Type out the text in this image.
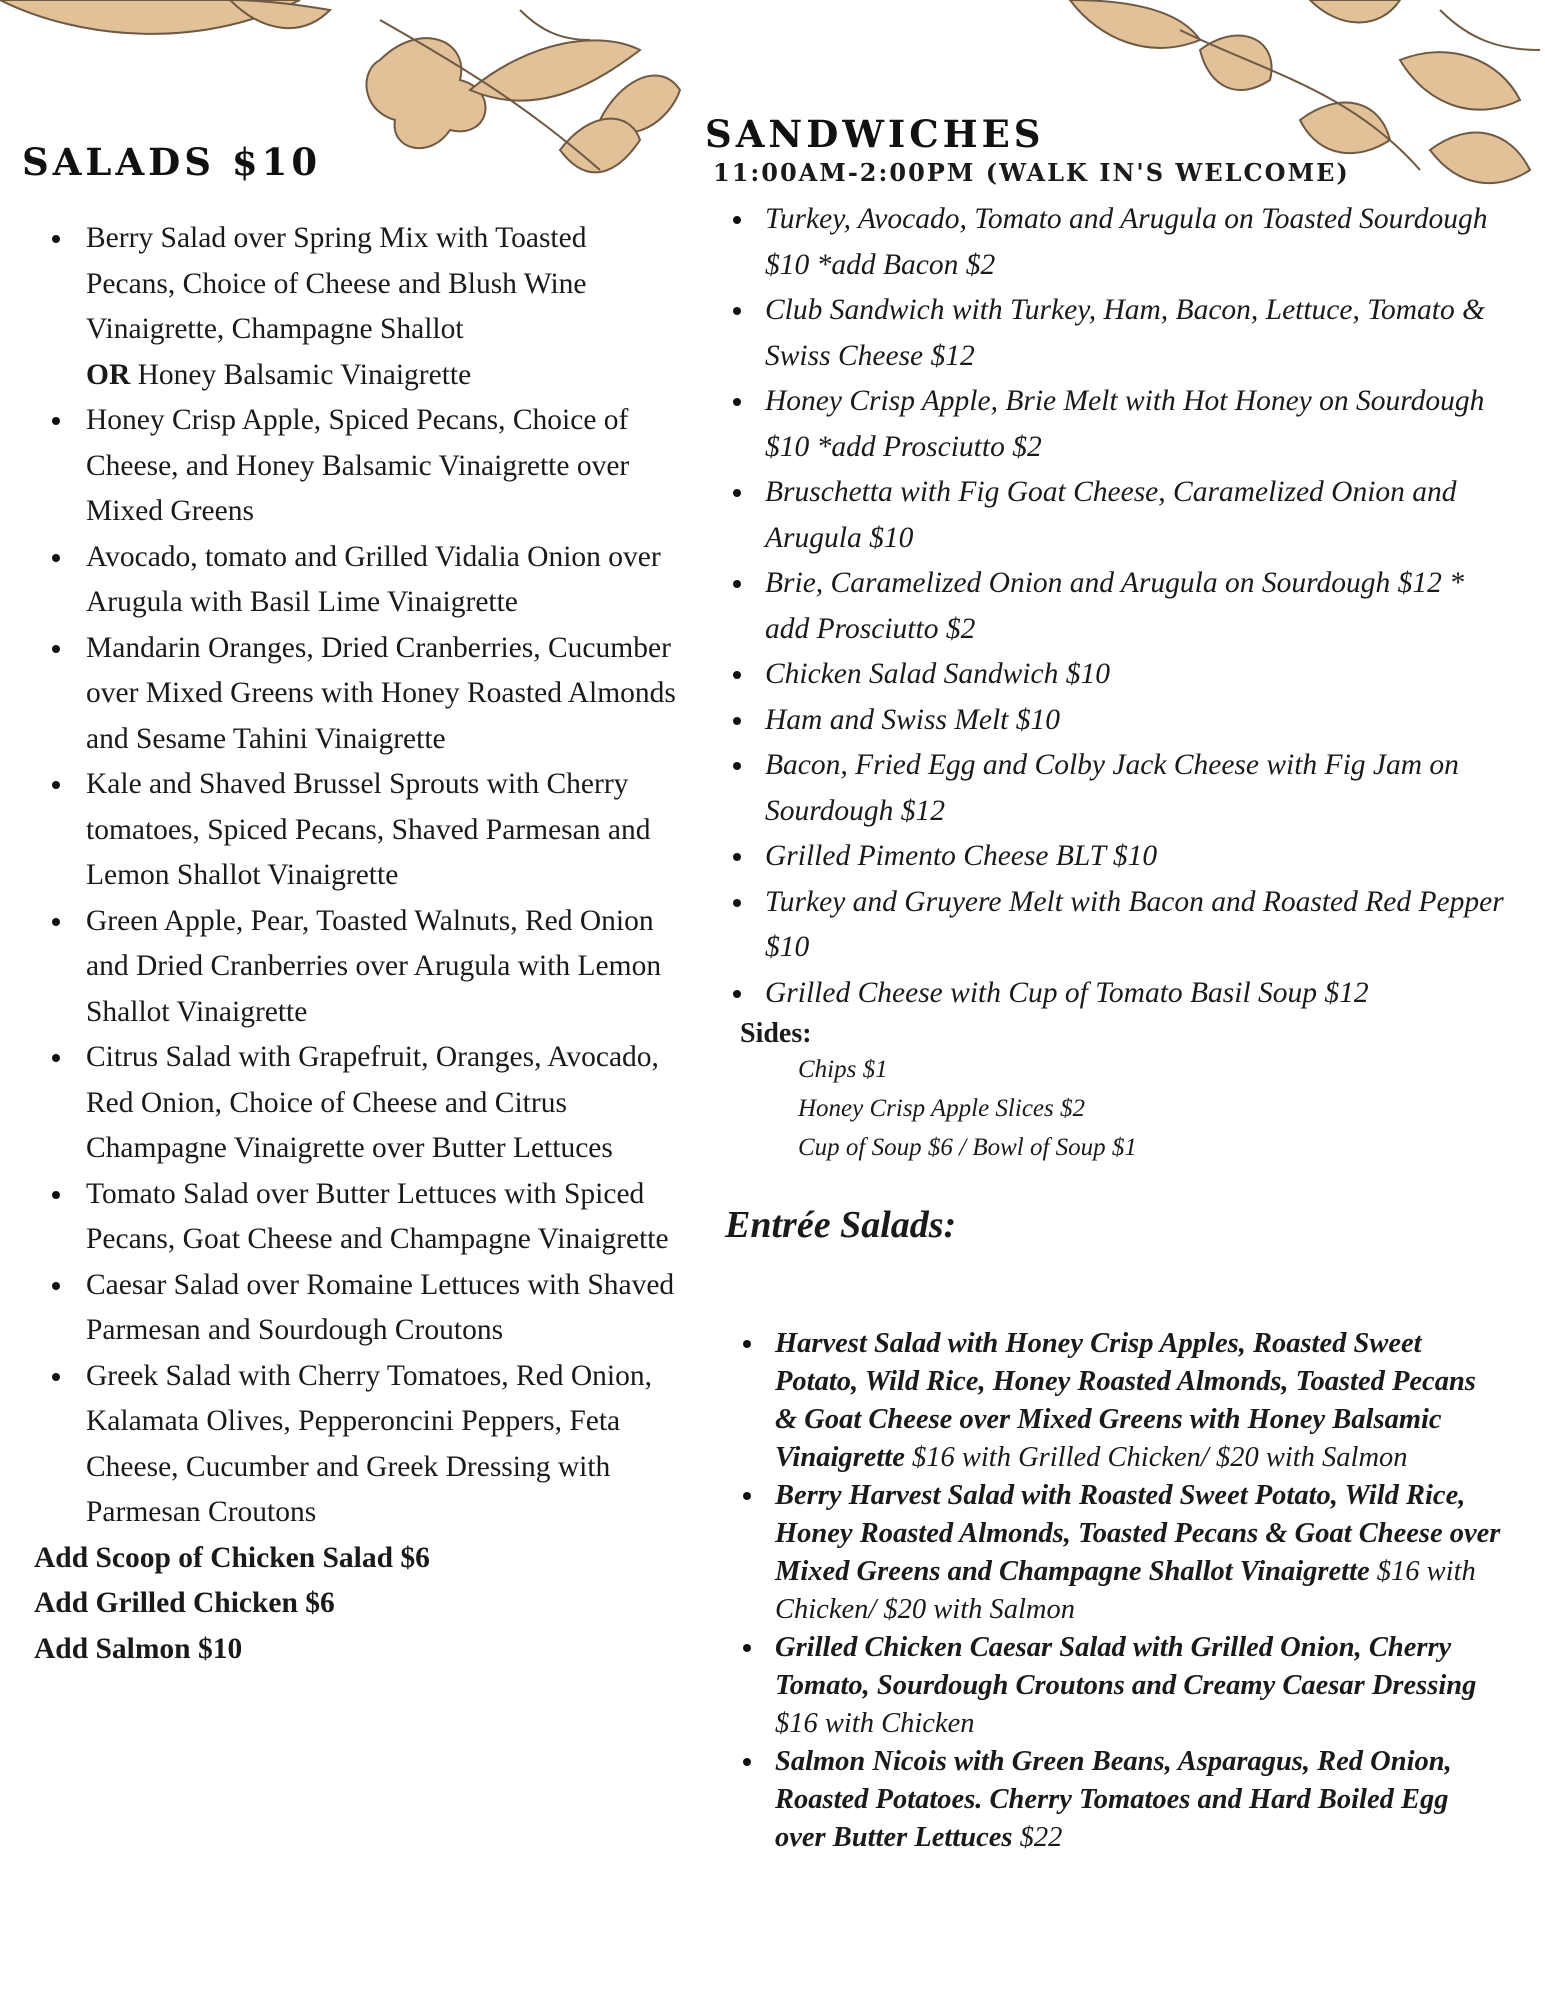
SALADS $10
Berry Salad over Spring Mix with Toasted Pecans, Choice of Cheese and Blush Wine Vinaigrette, Champagne Shallot
OR Honey Balsamic Vinaigrette
Honey Crisp Apple, Spiced Pecans, Choice of Cheese, and Honey Balsamic Vinaigrette over Mixed Greens
Avocado, tomato and Grilled Vidalia Onion over Arugula with Basil Lime Vinaigrette
Mandarin Oranges, Dried Cranberries, Cucumber over Mixed Greens with Honey Roasted Almonds and Sesame Tahini Vinaigrette
Kale and Shaved Brussel Sprouts with Cherry tomatoes, Spiced Pecans, Shaved Parmesan and Lemon Shallot Vinaigrette
Green Apple, Pear, Toasted Walnuts, Red Onion and Dried Cranberries over Arugula with Lemon Shallot Vinaigrette
Citrus Salad with Grapefruit, Oranges, Avocado, Red Onion, Choice of Cheese and Citrus Champagne Vinaigrette over Butter Lettuces
Tomato Salad over Butter Lettuces with Spiced Pecans, Goat Cheese and Champagne Vinaigrette
Caesar Salad over Romaine Lettuces with Shaved Parmesan and Sourdough Croutons
Greek Salad with Cherry Tomatoes, Red Onion, Kalamata Olives, Pepperoncini Peppers, Feta Cheese, Cucumber and Greek Dressing with Parmesan Croutons
Add Scoop of Chicken Salad $6
Add Grilled Chicken $6
Add Salmon $10
SANDWICHES
11:00AM-2:00PM (WALK IN'S WELCOME)
Turkey, Avocado, Tomato and Arugula on Toasted Sourdough $10 *add Bacon $2
Club Sandwich with Turkey, Ham, Bacon, Lettuce, Tomato & Swiss Cheese $12
Honey Crisp Apple, Brie Melt with Hot Honey on Sourdough $10 *add Prosciutto $2
Bruschetta with Fig Goat Cheese, Caramelized Onion and Arugula $10
Brie, Caramelized Onion and Arugula on Sourdough $12 * add Prosciutto $2
Chicken Salad Sandwich $10
Ham and Swiss Melt $10
Bacon, Fried Egg and Colby Jack Cheese with Fig Jam on Sourdough $12
Grilled Pimento Cheese BLT $10
Turkey and Gruyere Melt with Bacon and Roasted Red Pepper $10
Grilled Cheese with Cup of Tomato Basil Soup $12
Sides:
Chips $1
Honey Crisp Apple Slices $2
Cup of Soup $6 / Bowl of Soup $1
Entrée Salads:
Harvest Salad with Honey Crisp Apples, Roasted Sweet Potato, Wild Rice, Honey Roasted Almonds, Toasted Pecans & Goat Cheese over Mixed Greens with Honey Balsamic Vinaigrette $16 with Grilled Chicken/ $20 with Salmon
Berry Harvest Salad with Roasted Sweet Potato, Wild Rice, Honey Roasted Almonds, Toasted Pecans & Goat Cheese over Mixed Greens and Champagne Shallot Vinaigrette $16 with Chicken/ $20 with Salmon
Grilled Chicken Caesar Salad with Grilled Onion, Cherry Tomato, Sourdough Croutons and Creamy Caesar Dressing $16 with Chicken
Salmon Nicois with Green Beans, Asparagus, Red Onion, Roasted Potatoes. Cherry Tomatoes and Hard Boiled Egg over Butter Lettuces $22
